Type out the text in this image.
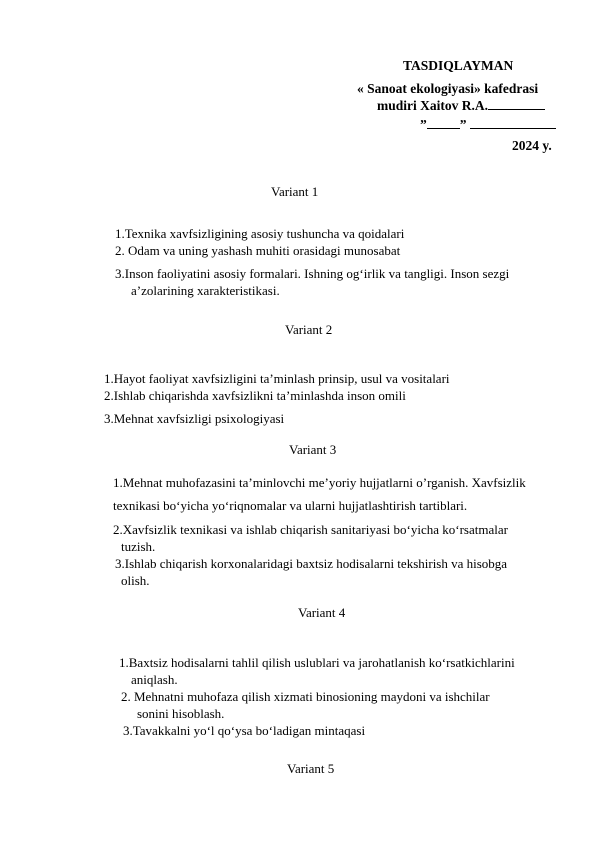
TASDIQLAYMAN
« Sanoat ekologiyasi» kafedrasi
mudiri Xaitov R.A.
” ”
2024 y.
Variant 1
1.Texnika xavfsizligining asosiy tushuncha va qoidalari
2. Odam va uning yashash muhiti orasidagi munosabat
3.Inson faoliyatini asosiy formalari. Ishning og‘irlik va tangligi. Inson sezgi
a’zolarining xarakteristikasi.
Variant 2
1.Hayot faoliyat xavfsizligini ta’minlash prinsip, usul va vositalari
2.Ishlab chiqarishda xavfsizlikni ta’minlashda inson omili
3.Mehnat xavfsizligi psixologiyasi
Variant 3
1.Mehnat muhofazasini ta’minlovchi me’yoriy hujjatlarni o’rganish. Xavfsizlik
texnikasi bo‘yicha yo‘riqnomalar va ularni hujjatlashtirish tartiblari.
2.Xavfsizlik texnikasi va ishlab chiqarish sanitariyasi bo‘yicha ko‘rsatmalar
tuzish.
3.Ishlab chiqarish korxonalaridagi baxtsiz hodisalarni tekshirish va hisobga
olish.
Variant 4
1.Baxtsiz hodisalarni tahlil qilish uslublari va jarohatlanish ko‘rsatkichlarini
aniqlash.
2. Mehnatni muhofaza qilish xizmati binosioning maydoni va ishchilar
sonini hisoblash.
3.Tavakkalni yo‘l qo‘ysa bo‘ladigan mintaqasi
Variant 5
